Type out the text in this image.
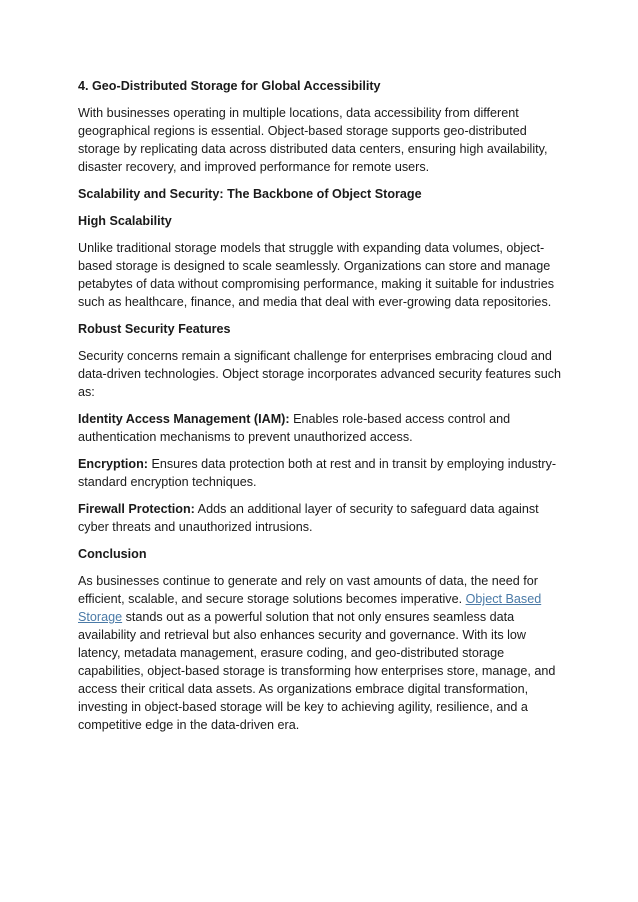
4. Geo-Distributed Storage for Global Accessibility
With businesses operating in multiple locations, data accessibility from different
geographical regions is essential. Object-based storage supports geo-distributed
storage by replicating data across distributed data centers, ensuring high availability,
disaster recovery, and improved performance for remote users.
Scalability and Security: The Backbone of Object Storage
High Scalability
Unlike traditional storage models that struggle with expanding data volumes, object-
based storage is designed to scale seamlessly. Organizations can store and manage
petabytes of data without compromising performance, making it suitable for industries
such as healthcare, finance, and media that deal with ever-growing data repositories.
Robust Security Features
Security concerns remain a significant challenge for enterprises embracing cloud and
data-driven technologies. Object storage incorporates advanced security features such
as:
Identity Access Management (IAM): Enables role-based access control and
authentication mechanisms to prevent unauthorized access.
Encryption: Ensures data protection both at rest and in transit by employing industry-
standard encryption techniques.
Firewall Protection: Adds an additional layer of security to safeguard data against
cyber threats and unauthorized intrusions.
Conclusion
As businesses continue to generate and rely on vast amounts of data, the need for
efficient, scalable, and secure storage solutions becomes imperative. Object Based
Storage stands out as a powerful solution that not only ensures seamless data
availability and retrieval but also enhances security and governance. With its low
latency, metadata management, erasure coding, and geo-distributed storage
capabilities, object-based storage is transforming how enterprises store, manage, and
access their critical data assets. As organizations embrace digital transformation,
investing in object-based storage will be key to achieving agility, resilience, and a
competitive edge in the data-driven era.
